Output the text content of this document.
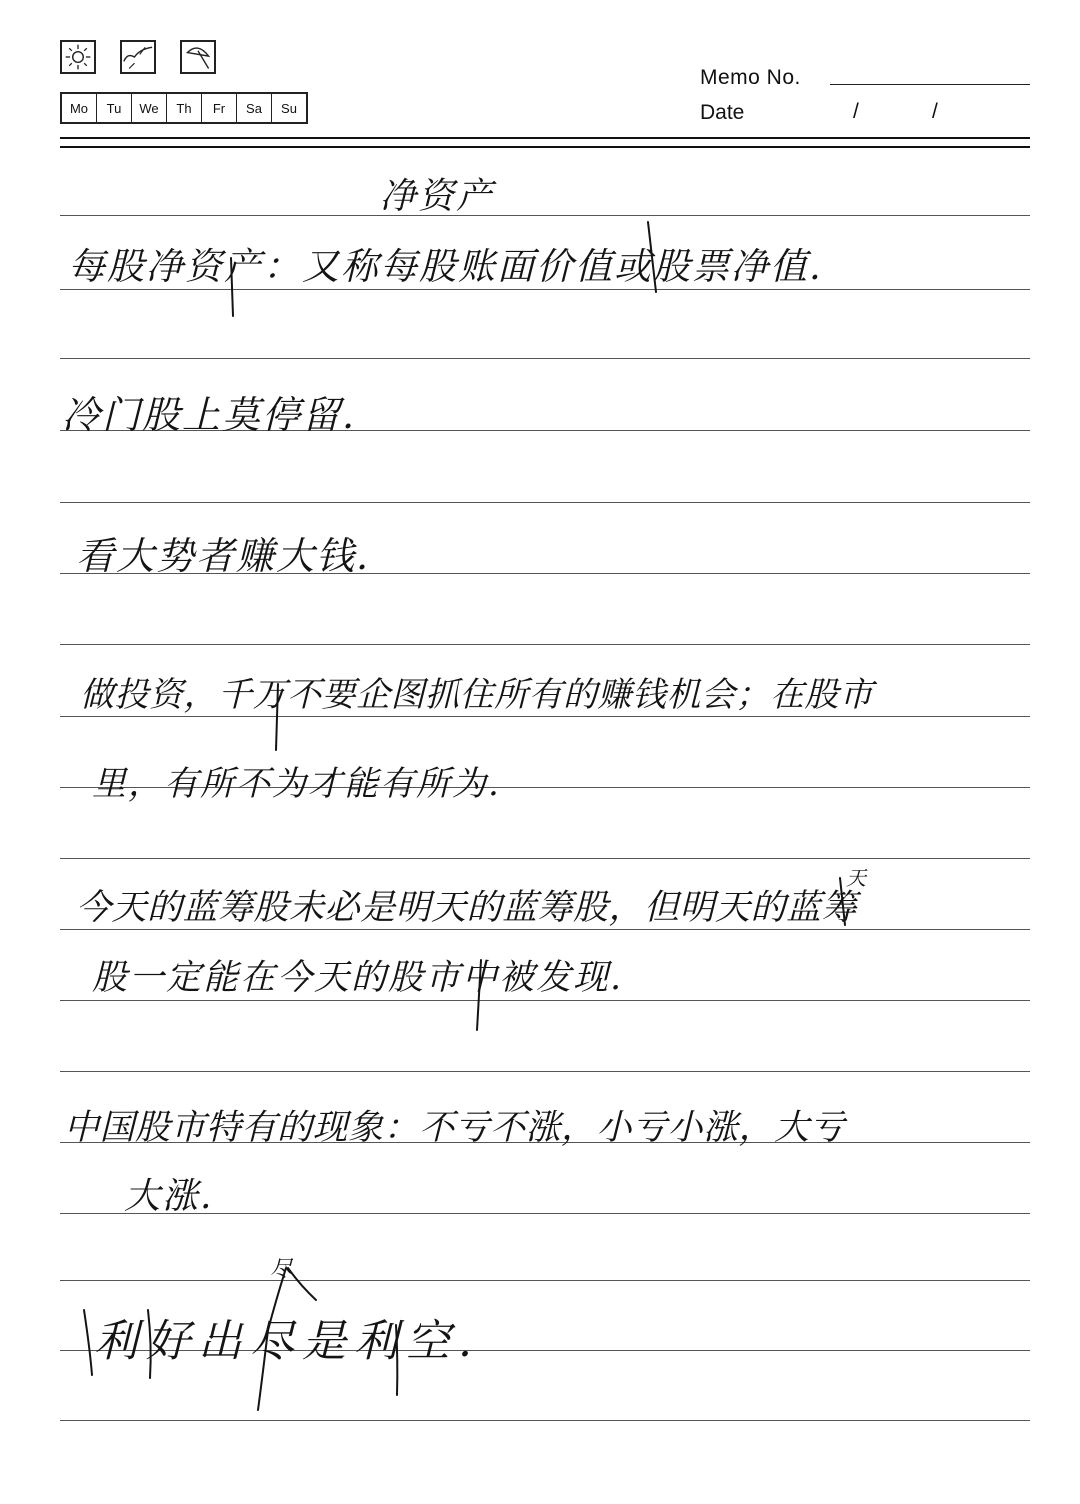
Mo	Tu	We	Th	Fr	Sa	Su
Memo No.
Date	/	/
净资产
每股净资产：又称每股账面价值或股票净值.
冷门股上莫停留.
看大势者赚大钱.
做投资，千万不要企图抓住所有的赚钱机会；在股市
里，有所不为才能有所为.
今天的蓝筹股未必是明天的蓝筹股，但明天的蓝筹
股一定能在今天的股市中被发现.
中国股市特有的现象：不亏不涨，小亏小涨，大亏
大涨.
利好出尽是利空.
天
尽
